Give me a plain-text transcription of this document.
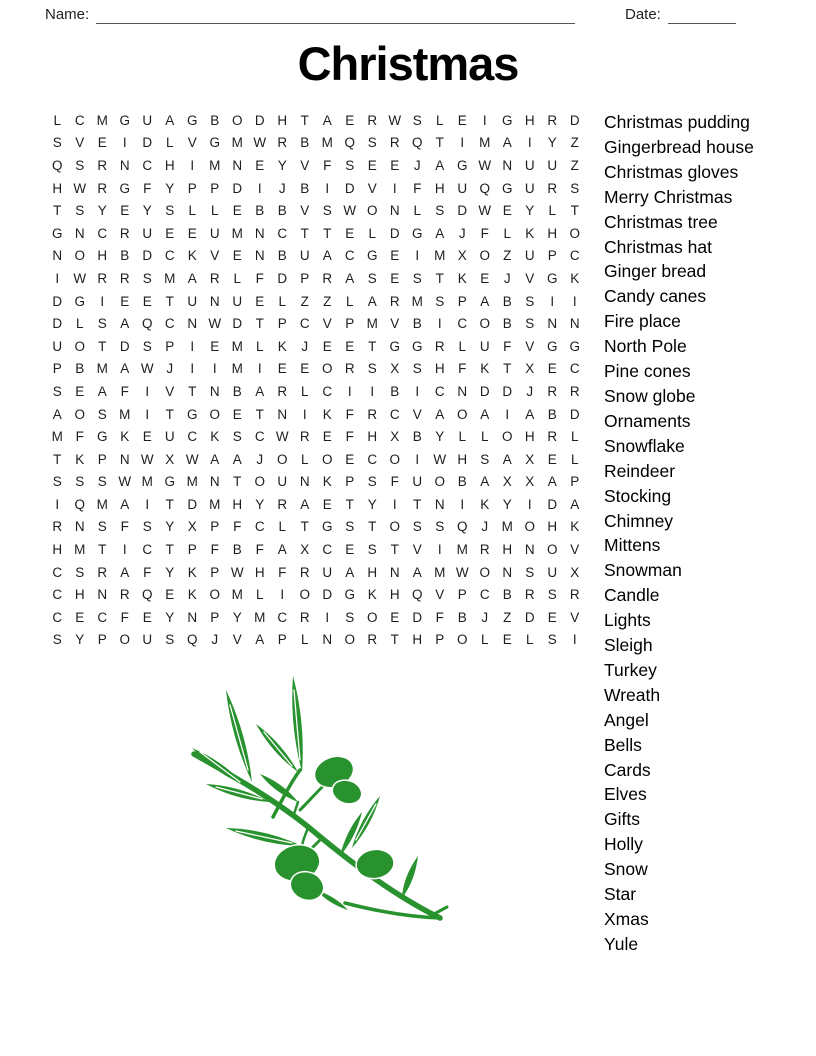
Name:	Date:
Christmas
L	C M G U A G B O D H	T	A E R W S	L	E	I	G H R D
S V E	I	D	L	V G M W R B M Q S R Q T	I	M A	I	Y	Z
Q S R N C H	I	M N E Y V	F	S E E	J	A G W N U U	Z
H W R G F	Y P P D	I	J	B	I	D V	I	F	H U Q G U R S
T	S Y E Y S	L	L	E B B V S W O N	L	S D W E Y	L	T
G N C R U E E U M N C	T	T	E	L	D G A	J	F	L	K H O
N O H B D C K V E N B U A C G E	I	M X O Z	U P C
I	W R R S M A R	L	F	D P R A S E S	T	K E	J	V G K
D G	I	E E	T	U N U E	L	Z	Z	L	A R M S P A B S	I	I
D	L	S A Q C N W D	T	P C V P M V B	I	C O B S N N
U O T	D S P	I	E M L	K	J	E E	T G G R	L	U	F	V G G
P B M A W J	I	I	M	I	E E O R S X S H	F	K	T	X E C
S E A	F	I	V	T	N B A R	L	C	I	I	B	I	C N D D	J	R R
A O S M	I	T G O E	T	N	I	K	F	R C V A O A	I	A B D
M F G K E U C K S C W R E	F	H X B Y	L	L O H R	L
T	K P N W X W A A	J	O L O E C O	I	W H S A X E	L
S S S W M G M N	T O U N K P S	F	U O B A X X A P
I	Q M A	I	T	D M H Y R A E	T	Y	I	T	N	I	K Y	I	D A
R N S	F	S Y X P	F	C	L	T G S	T O S S Q	J	M O H K
H M T	I	C	T	P	F	B	F	A X C E S	T	V	I	M R H N O V
C S R A	F	Y K P W H	F	R U A H N A M W O N S U X
C H N R Q E K O M L	I	O D G K H Q V P C B R S R
C E C	F	E Y N P Y M C R	I	S O E D	F	B	J	Z	D E V
S Y P O U S Q	J	V A P	L	N O R	T	H P O L	E	L	S	I
Christmas pudding
Gingerbread house
Christmas gloves
Merry Christmas
Christmas tree
Christmas hat
Ginger bread
Candy canes
Fire place
North Pole
Pine cones
Snow globe
Ornaments
Snowflake
Reindeer
Stocking
Chimney
Mittens
Snowman
Candle
Lights
Sleigh
Turkey
Wreath
Angel
Bells
Cards
Elves
Gifts
Holly
Snow
Star
Xmas
Yule
